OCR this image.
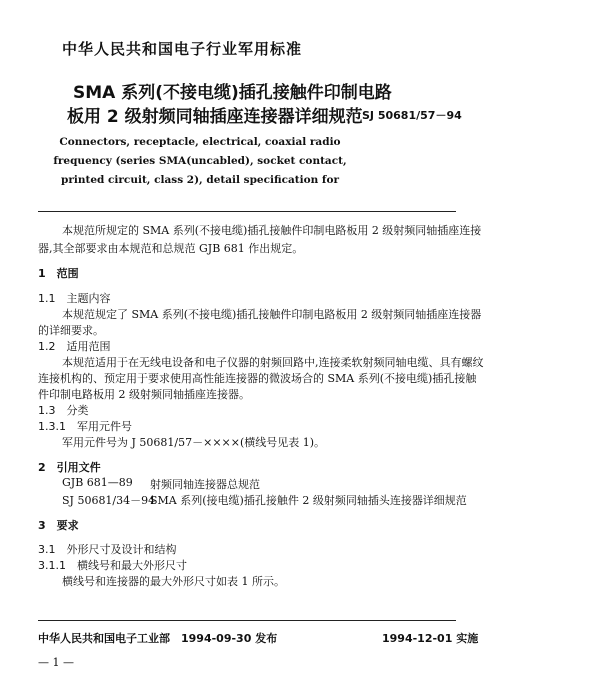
中华人民共和国电子行业军用标准
SMA 系列(不接电缆)插孔接触件印制电路
板用 2 级射频同轴插座连接器详细规范 SJ 50681/57－94
Connectors, receptacle, electrical, coaxial radio
frequency (series SMA(uncabled), socket contact,
printed circuit, class 2), detail specification for
本规范所规定的 SMA 系列(不接电缆)插孔接触件印制电路板用 2 级射频同轴插座连接
器,其全部要求由本规范和总规范 GJB 681 作出规定。
1　范围
1.1　主题内容
本规范规定了 SMA 系列(不接电缆)插孔接触件印制电路板用 2 级射频同轴插座连接器
的详细要求。
1.2　适用范围
本规范适用于在无线电设备和电子仪器的射频回路中,连接柔软射频同轴电缆、具有螺纹
连接机构的、预定用于要求使用高性能连接器的微波场合的 SMA 系列(不接电缆)插孔接触
件印制电路板用 2 级射频同轴插座连接器。
1.3　分类
1.3.1　军用元件号
军用元件号为 J 50681/57－××××(横线号见表 1)。
2　引用文件
GJB 681—89 射频同轴连接器总规范
SJ 50681/34－94
SMA 系列(接电缆)插孔接触件 2 级射频同轴插头连接器详细规范
3　要求
3.1　外形尺寸及设计和结构
3.1.1　横线号和最大外形尺寸
横线号和连接器的最大外形尺寸如表 1 所示。
中华人民共和国电子工业部　1994-09-30 发布	1994-12-01 实施
— 1 —
